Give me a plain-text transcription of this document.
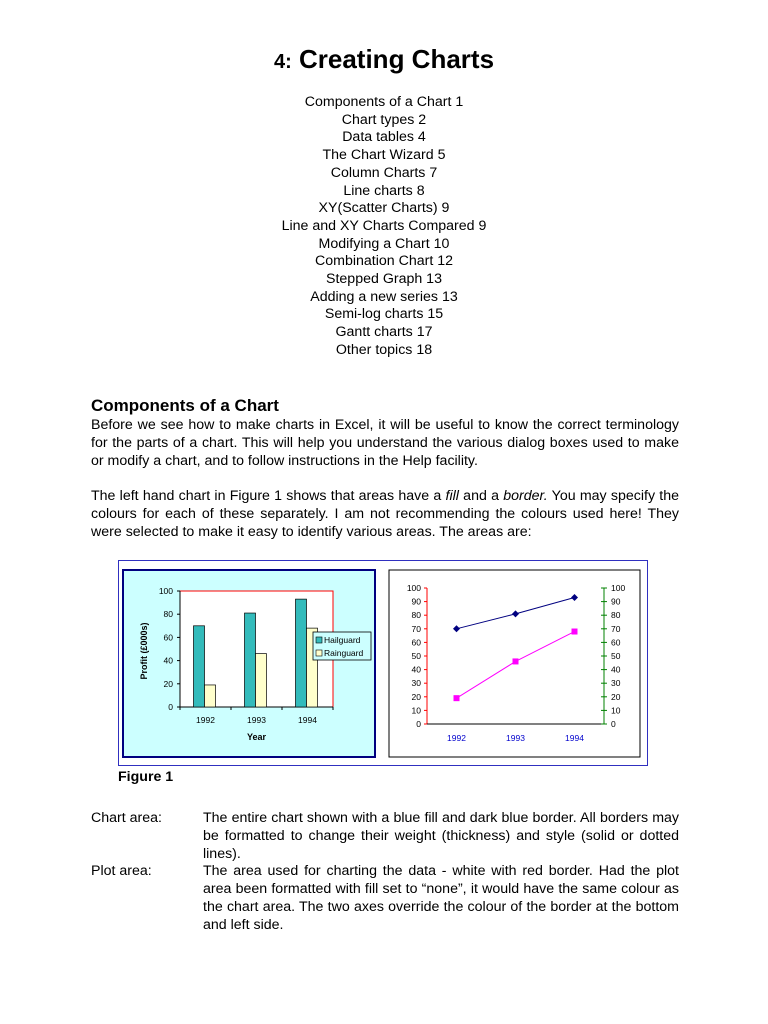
4: Creating Charts
Components of a Chart 1
Chart types 2
Data tables 4
The Chart Wizard 5
Column Charts 7
Line charts 8
XY(Scatter Charts) 9
Line and XY Charts Compared 9
Modifying a Chart 10
Combination Chart 12
Stepped Graph 13
Adding a new series 13
Semi-log charts 15
Gantt charts 17
Other topics 18
Components of a Chart

Before we see how to make charts in Excel, it will be useful to know the correct terminology for the parts of a chart. This will help you understand the various dialog boxes used to make or modify a chart, and to follow instructions in the Help facility.

The left hand chart in Figure 1 shows that areas have a fill and a border. You may specify the colours for each of these separately. I am not recommending the colours used here! They were selected to make it easy to identify various areas. The areas are:

0
20
40
60
80
100
1992	1993	1994
Year
Profit (£000s)	Hailguard
Rainguard
0
10
20
30
40
50
60
70
80
90
100
0
10
20
30
40
50
60
70
80
90
100
1992	1993	1994
Figure 1
Chart area:	The entire chart shown with a blue fill and dark blue border. All borders may be formatted to change their weight (thickness) and style (solid or dotted lines).
Plot area:	The area used for charting the data - white with red border. Had the plot area been formatted with fill set to “none”, it would have the same colour as the chart area. The two axes override the colour of the border at the bottom and left side.
